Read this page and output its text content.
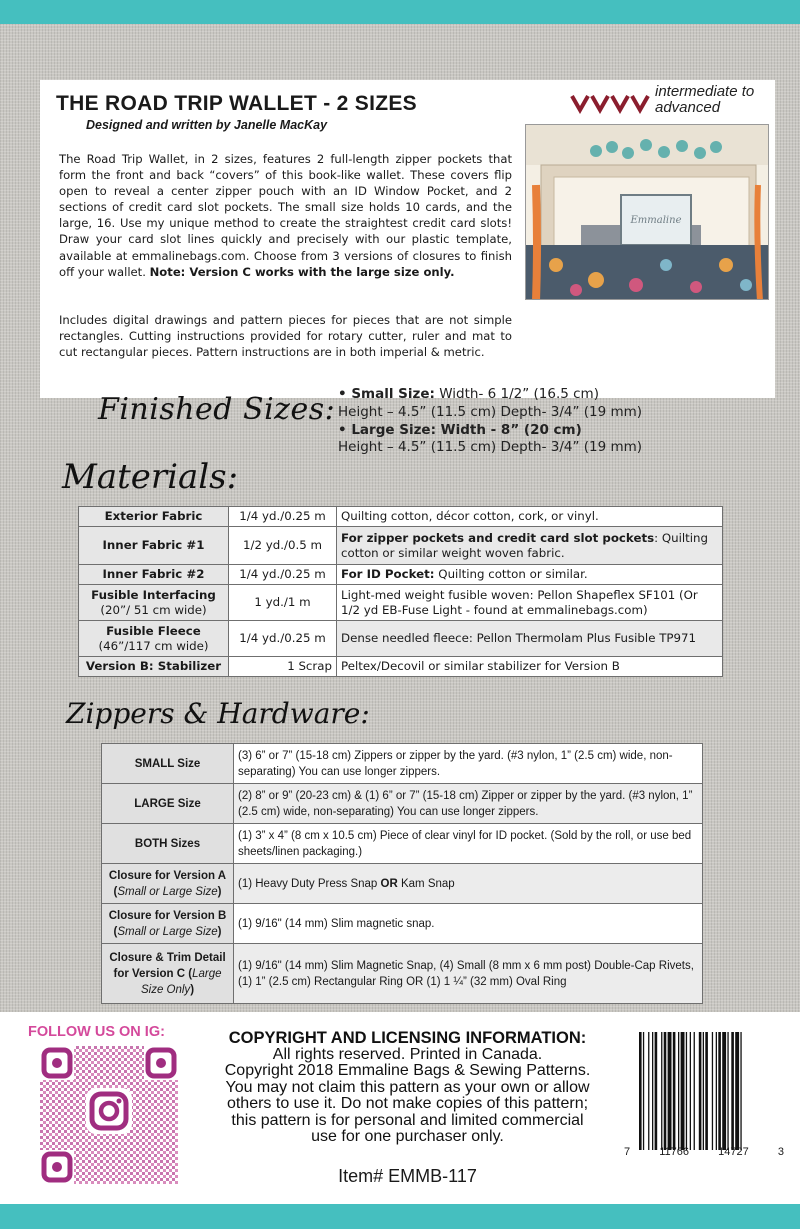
THE ROAD TRIP WALLET - 2 SIZES
Designed and written by Janelle MacKay
intermediate to advanced
The Road Trip Wallet, in 2 sizes, features 2 full-length zipper pockets that form the front and back “covers” of this book-like wallet. These covers flip open to reveal a center zipper pouch with an ID Window Pocket, and 2 sections of credit card slot pockets. The small size holds 10 cards, and the large, 16. Use my unique method to create the straightest credit card slots! Draw your card slot lines quickly and precisely with our plastic template, available at emmalinebags.com. Choose from 3 versions of closures to finish off your wallet. Note: Version C works with the large size only.
Includes digital drawings and pattern pieces for pieces that are not simple rectangles. Cutting instructions provided for rotary cutter, ruler and mat to cut rectangular pieces. Pattern instructions are in both imperial & metric.
Emmaline
Finished Sizes: • Small Size: Width- 6 1/2” (16.5 cm)
Height – 4.5” (11.5 cm) Depth- 3/4” (19 mm)
• Large Size: Width - 8” (20 cm)
Height – 4.5” (11.5 cm) Depth- 3/4” (19 mm)
Materials:
Exterior Fabric	1/4 yd./0.25 m	Quilting cotton, décor cotton, cork, or vinyl.
Inner Fabric #1	1/2 yd./0.5 m	For zipper pockets and credit card slot pockets: Quilting cotton or similar weight woven fabric.
Inner Fabric #2	1/4 yd./0.25 m	For ID Pocket: Quilting cotton or similar.
Fusible Interfacing
(20”/ 51 cm wide)	1 yd./1 m	Light-med weight fusible woven: Pellon Shapeflex SF101 (Or 1/2 yd EB-Fuse Light - found at emmalinebags.com)
Fusible Fleece
(46”/117 cm wide)	1/4 yd./0.25 m	Dense needled fleece: Pellon Thermolam Plus Fusible TP971
Version B: Stabilizer	1 Scrap	Peltex/Decovil or similar stabilizer for Version B
Zippers & Hardware:
SMALL Size	(3) 6” or 7” (15-18 cm) Zippers or zipper by the yard. (#3 nylon, 1” (2.5 cm) wide, non-separating) You can use longer zippers.
LARGE Size	(2) 8” or 9” (20-23 cm) & (1) 6” or 7” (15-18 cm) Zipper or zipper by the yard. (#3 nylon, 1” (2.5 cm) wide, non-separating) You can use longer zippers.
BOTH Sizes	(1) 3” x 4” (8 cm x 10.5 cm) Piece of clear vinyl for ID pocket. (Sold by the roll, or use bed sheets/linen packaging.)
Closure for Version A
(Small or Large Size)	(1) Heavy Duty Press Snap OR Kam Snap
Closure for Version B
(Small or Large Size)	(1) 9/16" (14 mm) Slim magnetic snap.
Closure & Trim Detail for Version C (Large Size Only)	(1) 9/16" (14 mm) Slim Magnetic Snap, (4) Small (8 mm x 6 mm post) Double-Cap Rivets, (1) 1” (2.5 cm) Rectangular Ring OR (1) 1 ¼” (32 mm) Oval Ring
FOLLOW US ON IG:	COPYRIGHT AND LICENSING INFORMATION:
All rights reserved. Printed in Canada.
Copyright 2018 Emmaline Bags & Sewing Patterns.
You may not claim this pattern as your own or allow
others to use it. Do not make copies of this pattern;
this pattern is for personal and limited commercial
use for one purchaser only.
Item# EMMB-117
7	11766	14727	3
